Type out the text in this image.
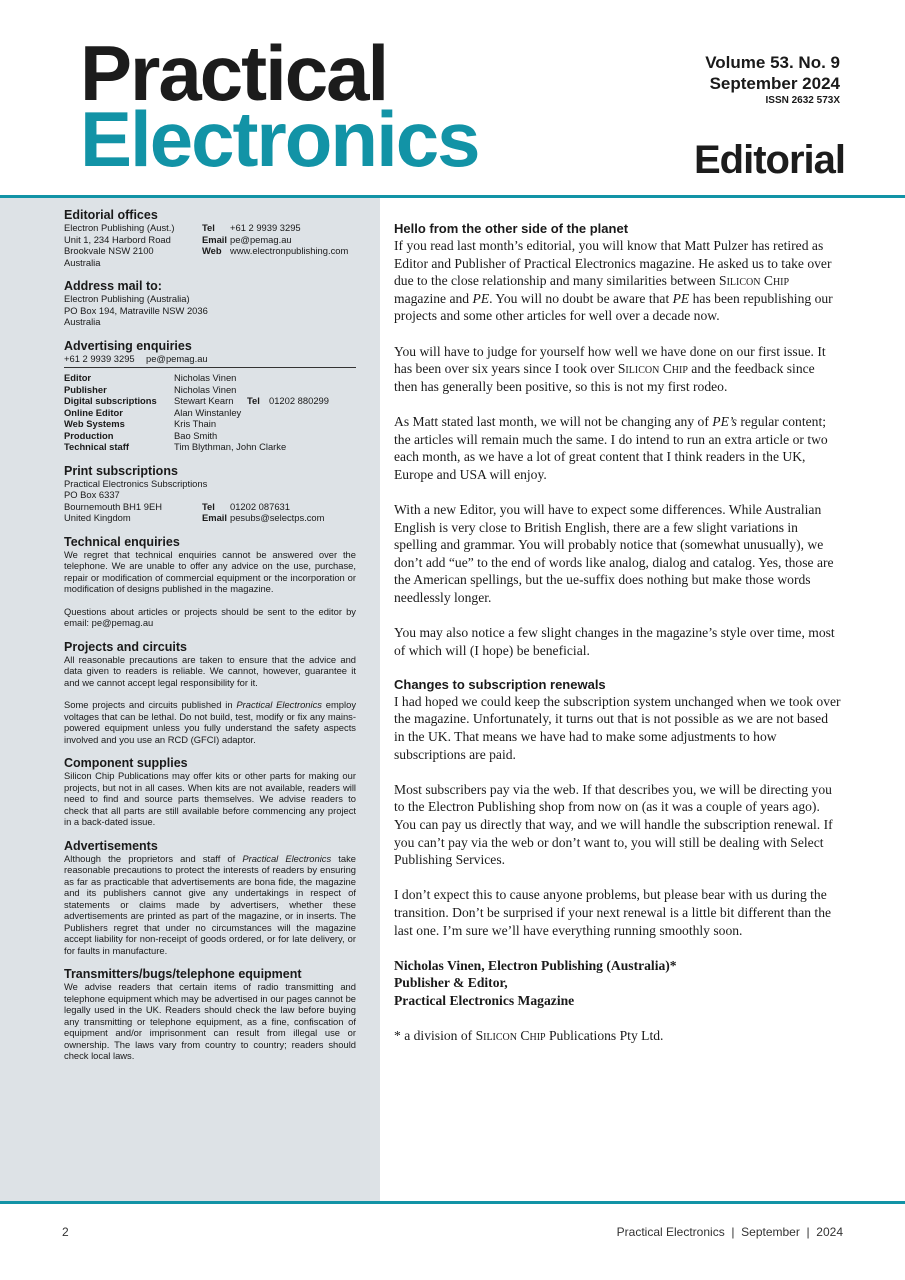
Practical
Electronics
Volume 53. No. 9
September 2024
ISSN 2632 573X
Editorial

Editorial offices

Electron Publishing (Aust.)	Tel	+61 2 9939 3295
Unit 1, 234 Harbord Road	Email pe@pemag.au
Brookvale NSW 2100	Web www.electronpublishing.com
Australia

Address mail to:

Electron Publishing (Australia)
PO Box 194, Matraville NSW 2036
Australia

Advertising enquiries

+61 2 9939 3295	pe@pemag.au
Editor	Nicholas Vinen
Publisher	Nicholas Vinen
Digital subscriptions	Stewart Kearn	Tel 01202 880299
Online Editor	Alan Winstanley
Web Systems	Kris Thain
Production	Bao Smith
Technical staff	Tim Blythman, John Clarke

Print subscriptions

Practical Electronics Subscriptions
PO Box 6337
Bournemouth BH1 9EH	Tel	01202 087631
United Kingdom	Email pesubs@selectps.com

Technical enquiries

We regret that technical enquiries cannot be answered over the telephone. We are unable to offer any advice on the use, purchase, repair or modification of commercial equipment or the incorporation or modification of designs published in the magazine.
Questions about articles or projects should be sent to the editor by email: pe@pemag.au

Projects and circuits

All reasonable precautions are taken to ensure that the advice and data given to readers is reliable. We cannot, however, guarantee it and we cannot accept legal responsibility for it.
Some projects and circuits published in Practical Electronics employ voltages that can be lethal. Do not build, test, modify or fix any mains-powered equipment unless you fully understand the safety aspects involved and you use an RCD (GFCI) adaptor.

Component supplies

Silicon Chip Publications may offer kits or other parts for making our projects, but not in all cases. When kits are not available, readers will need to find and source parts themselves. We advise readers to check that all parts are still available before commencing any project in a back-dated issue.

Advertisements

Although the proprietors and staff of Practical Electronics take reasonable precautions to protect the interests of readers by ensuring as far as practicable that advertisements are bona fide, the magazine and its publishers cannot give any undertakings in respect of statements or claims made by advertisers, whether these advertisements are printed as part of the magazine, or in inserts. The Publishers regret that under no circumstances will the magazine accept liability for non-receipt of goods ordered, or for late delivery, or for faults in manufacture.

Transmitters/bugs/telephone equipment

We advise readers that certain items of radio transmitting and telephone equipment which may be advertised in our pages cannot be legally used in the UK. Readers should check the law before buying any transmitting or telephone equipment, as a fine, confiscation of equipment and/or imprisonment can result from illegal use or ownership. The laws vary from country to country; readers should check local laws.

Hello from the other side of the planet

If you read last month’s editorial, you will know that Matt Pulzer has retired as Editor and Publisher of Practical Electronics magazine. He asked us to take over due to the close relationship and many similarities between Silicon Chip magazine and PE. You will no doubt be aware that PE has been republishing our projects and some other articles for well over a decade now.

You will have to judge for yourself how well we have done on our first issue. It has been over six years since I took over Silicon Chip and the feedback since then has generally been positive, so this is not my first rodeo.

As Matt stated last month, we will not be changing any of PE’s regular content; the articles will remain much the same. I do intend to run an extra article or two each month, as we have a lot of great content that I think readers in the UK, Europe and USA will enjoy.

With a new Editor, you will have to expect some differences. While Australian English is very close to British English, there are a few slight variations in spelling and grammar. You will probably notice that (somewhat unusually), we don’t add “ue” to the end of words like analog, dialog and catalog. Yes, those are the American spellings, but the ue-suffix does nothing but make those words needlessly longer.

You may also notice a few slight changes in the magazine’s style over time, most of which will (I hope) be beneficial.

Changes to subscription renewals

I had hoped we could keep the subscription system unchanged when we took over the magazine. Unfortunately, it turns out that is not possible as we are not based in the UK. That means we have had to make some adjustments to how subscriptions are paid.

Most subscribers pay via the web. If that describes you, we will be directing you to the Electron Publishing shop from now on (as it was a couple of years ago). You can pay us directly that way, and we will handle the subscription renewal. If you can’t pay via the web or don’t want to, you will still be dealing with Select Publishing Services.

I don’t expect this to cause anyone problems, but please bear with us during the transition. Don’t be surprised if your next renewal is a little bit different than the last one. I’m sure we’ll have everything running smoothly soon.

Nicholas Vinen, Electron Publishing (Australia)*
Publisher & Editor,
Practical Electronics Magazine

* a division of Silicon Chip Publications Pty Ltd.

2	Practical Electronics  |  September  |  2024
